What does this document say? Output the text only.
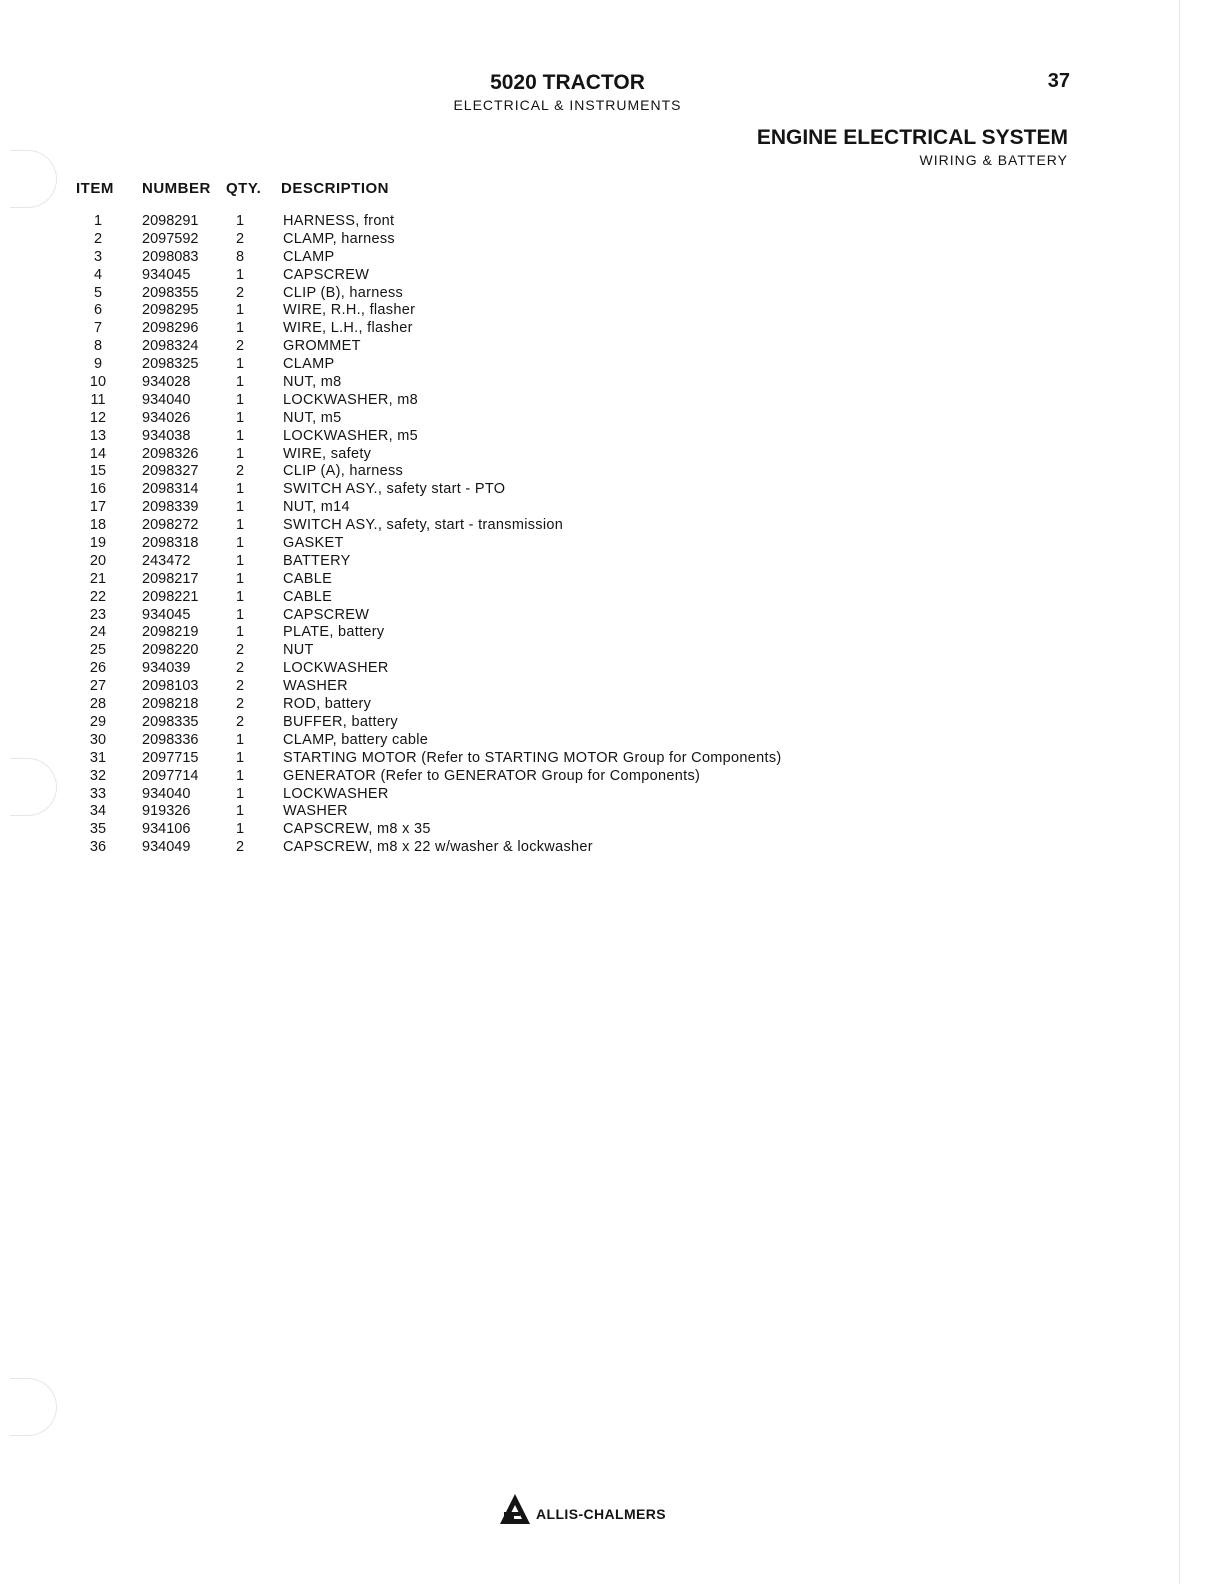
5020 TRACTOR
ELECTRICAL & INSTRUMENTS
37
ENGINE ELECTRICAL SYSTEM
WIRING & BATTERY
ITEM NUMBER QTY. DESCRIPTION
1	2098291	1	HARNESS, front
2	2097592	2	CLAMP, harness
3	2098083	8	CLAMP
4	934045	1	CAPSCREW
5	2098355	2	CLIP (B), harness
6	2098295	1	WIRE, R.H., flasher
7	2098296	1	WIRE, L.H., flasher
8	2098324	2	GROMMET
9	2098325	1	CLAMP
10	934028	1	NUT, m8
11	934040	1	LOCKWASHER, m8
12	934026	1	NUT, m5
13	934038	1	LOCKWASHER, m5
14	2098326	1	WIRE, safety
15	2098327	2	CLIP (A), harness
16	2098314	1	SWITCH ASY., safety start - PTO
17	2098339	1	NUT, m14
18	2098272	1	SWITCH ASY., safety, start - transmission
19	2098318	1	GASKET
20	243472	1	BATTERY
21	2098217	1	CABLE
22	2098221	1	CABLE
23	934045	1	CAPSCREW
24	2098219	1	PLATE, battery
25	2098220	2	NUT
26	934039	2	LOCKWASHER
27	2098103	2	WASHER
28	2098218	2	ROD, battery
29	2098335	2	BUFFER, battery
30	2098336	1	CLAMP, battery cable
31	2097715	1	STARTING MOTOR (Refer to STARTING MOTOR Group for Components)
32	2097714	1	GENERATOR (Refer to GENERATOR Group for Components)
33	934040	1	LOCKWASHER
34	919326	1	WASHER
35	934106	1	CAPSCREW, m8 x 35
36	934049	2	CAPSCREW, m8 x 22 w/washer & lockwasher
ALLIS-CHALMERS
